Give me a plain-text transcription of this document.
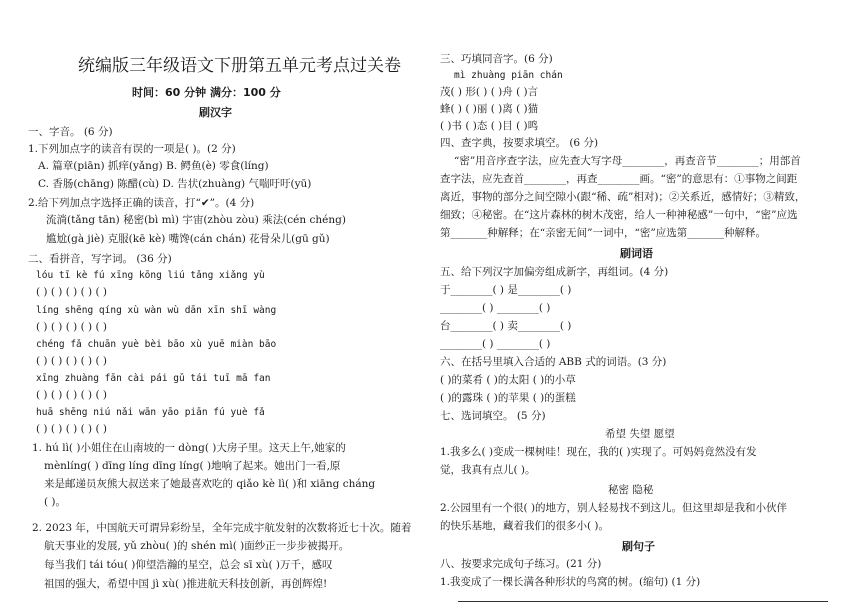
统编版三年级语文下册第五单元考点过关卷
时间：60 分钟 满分：100 分
刷汉字
一、字音。 (6 分)
1.下列加点字的读音有误的一项是( )。(2 分)
A. 篇章(piān) 抓痒(yǎng) B. 鳄鱼(è) 零食(líng)
C. 香肠(chāng) 陈醋(cù) D. 告状(zhuàng) 气喘吁吁(yū)
2.给下列加点字选择正确的读音，打“✔”。(4 分)
流淌(tǎng tān) 秘密(bì mì) 宇宙(zhòu zòu) 乘法(cén chéng)
尴尬(gà jiè) 克服(kē kè) 嘴馋(cán chán) 花骨朵儿(gū gǔ)
二、看拼音，写字词。 (36 分)
lóu tī kè fú xīng kōng liú tǎng xiǎng yù
( ) ( ) ( ) ( ) ( )
líng shēng qíng xù wàn wù dān xīn shī wàng
( ) ( ) ( ) ( ) ( )
chéng fǎ chuān yuè bèi bāo xù yuē miàn bāo
( ) ( ) ( ) ( ) ( )
xīng zhuàng fān cài pái gǔ tái tuī mā fan
( ) ( ) ( ) ( ) ( )
huā shēng niú nǎi wān yāo piān fú yuè fǎ
( ) ( ) ( ) ( ) ( )
1. hú lì( )小姐住在山南坡的一 dòng( )大房子里。这天上午,她家的
mènlíng( ) dīng líng dīng líng( )地响了起来。她出门一看,原
来是邮递员灰熊大叔送来了她最喜欢吃的 qiǎo kè lì( )和 xiāng cháng
( )。
2. 2023 年，中国航天可谓异彩纷呈，全年完成宇航发射的次数将近七十次。随着
航天事业的发展, yǔ zhòu( )的 shén mì( )面纱正一步步被揭开。
每当我们 tái tóu( )仰望浩瀚的星空，总会 sī xù( )万千，感叹
祖国的强大，希望中国 jì xù( )推进航天科技创新，再创辉煌!
三、巧填同音字。(6 分)
mì zhuàng piān chán
茂( ) 形( ) ( )舟 ( )言
蜂( ) ( )丽 ( )离 ( )猫
( )书 ( )态 ( )目 ( )鸣
四、查字典，按要求填空。 (6 分)
“密”用音序查字法，应先查大写字母________，再查音节________；用部首
查字法，应先查首________，再查________画。“密”的意思有：①事物之间距
离近，事物的部分之间空隙小(跟“稀、疏”相对)；②关系近，感情好；③精致，
细致；④秘密。在“这片森林的树木茂密，给人一种神秘感”一句中，“密”应选
第_______种解释；在“亲密无间”一词中，“密”应选第_______种解释。
刷词语
五、给下列汉字加偏旁组成新字，再组词。(4 分)
于________( ) 是________( )
________( ) ________( )
台________( ) 卖________( )
________( ) ________( )
六、在括号里填入合适的 ABB 式的词语。(3 分)
( )的菜肴 ( )的太阳 ( )的小草
( )的露珠 ( )的苹果 ( )的蛋糕
七、选词填空。 (5 分)
希望 失望 愿望
1.我多么( )变成一棵树哇！现在，我的( )实现了。可妈妈竟然没有发
觉，我真有点儿( )。
秘密 隐秘
2.公园里有一个很( )的地方，别人轻易找不到这儿。但这里却是我和小伙伴
的快乐基地，藏着我们的很多小( )。
刷句子
八、按要求完成句子练习。(21 分)
1.我变成了一棵长满各种形状的鸟窝的树。(缩句) (1 分)
